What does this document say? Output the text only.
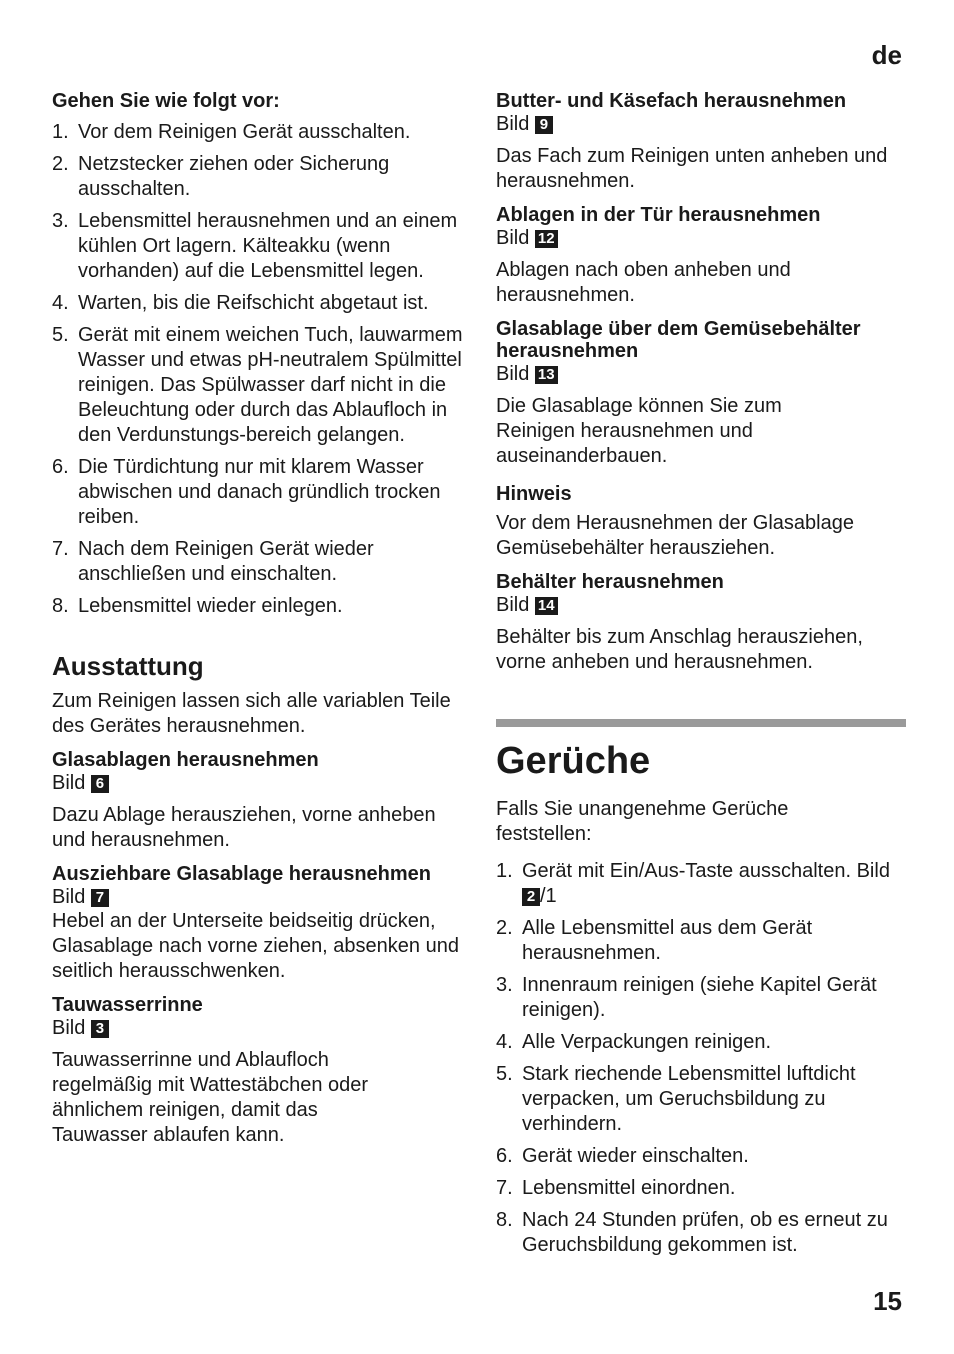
de

Gehen Sie wie folgt vor:

1. Vor dem Reinigen Gerät ausschalten.
2. Netzstecker ziehen oder Sicherung ausschalten.
3. Lebensmittel herausnehmen und an einem kühlen Ort lagern. Kälteakku (wenn vorhanden) auf die Lebensmittel legen.
4. Warten, bis die Reifschicht abgetaut ist.
5. Gerät mit einem weichen Tuch, lauwarmem Wasser und etwas pH-neutralem Spülmittel reinigen. Das Spülwasser darf nicht in die Beleuchtung oder durch das Ablaufloch in den Verdunstungs-bereich gelangen.
6. Die Türdichtung nur mit klarem Wasser abwischen und danach gründlich trocken reiben.
7. Nach dem Reinigen Gerät wieder anschließen und einschalten.
8. Lebensmittel wieder einlegen.
Ausstattung

Zum Reinigen lassen sich alle variablen Teile des Gerätes herausnehmen.

Glasablagen herausnehmen

Bild 6

Dazu Ablage herausziehen, vorne anheben und herausnehmen.

Ausziehbare Glasablage herausnehmen

Bild 7

Hebel an der Unterseite beidseitig drücken, Glasablage nach vorne ziehen, absenken und seitlich herausschwenken.

Tauwasserrinne

Bild 3

Tauwasserrinne und Ablaufloch regelmäßig mit Wattestäbchen oder ähnlichem reinigen, damit das Tauwasser ablaufen kann.

Butter- und Käsefach herausnehmen

Bild 9

Das Fach zum Reinigen unten anheben und herausnehmen.

Ablagen in der Tür herausnehmen

Bild 12

Ablagen nach oben anheben und herausnehmen.

Glasablage über dem Gemüsebehälter herausnehmen

Bild 13

Die Glasablage können Sie zum Reinigen herausnehmen und auseinanderbauen.

Hinweis

Vor dem Herausnehmen der Glasablage Gemüsebehälter herausziehen.

Behälter herausnehmen

Bild 14

Behälter bis zum Anschlag herausziehen, vorne anheben und herausnehmen.

Gerüche

Falls Sie unangenehme Gerüche feststellen:

1. Gerät mit Ein/Aus-Taste ausschalten. Bild 2 /1
2. Alle Lebensmittel aus dem Gerät herausnehmen.
3. Innenraum reinigen (siehe Kapitel Gerät reinigen).
4. Alle Verpackungen reinigen.
5. Stark riechende Lebensmittel luftdicht verpacken, um Geruchsbildung zu verhindern.
6. Gerät wieder einschalten.
7. Lebensmittel einordnen.
8. Nach 24 Stunden prüfen, ob es erneut zu Geruchsbildung gekommen ist.
15
